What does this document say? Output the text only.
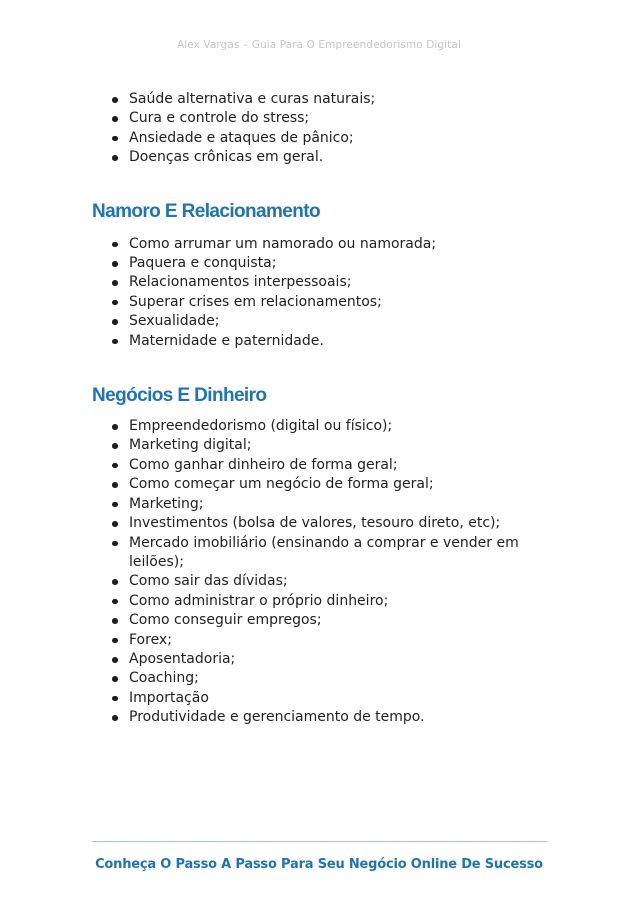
Alex Vargas – Guia Para O Empreendedorismo Digital
Saúde alternativa e curas naturais;
Cura e controle do stress;
Ansiedade e ataques de pânico;
Doenças crônicas em geral.
Namoro E Relacionamento
Como arrumar um namorado ou namorada;
Paquera e conquista;
Relacionamentos interpessoais;
Superar crises em relacionamentos;
Sexualidade;
Maternidade e paternidade.
Negócios E Dinheiro
Empreendedorismo (digital ou físico);
Marketing digital;
Como ganhar dinheiro de forma geral;
Como começar um negócio de forma geral;
Marketing;
Investimentos (bolsa de valores, tesouro direto, etc);
Mercado imobiliário (ensinando a comprar e vender em leilões);
Como sair das dívidas;
Como administrar o próprio dinheiro;
Como conseguir empregos;
Forex;
Aposentadoria;
Coaching;
Importação
Produtividade e gerenciamento de tempo.
Conheça O Passo A Passo Para Seu Negócio Online De Sucesso
